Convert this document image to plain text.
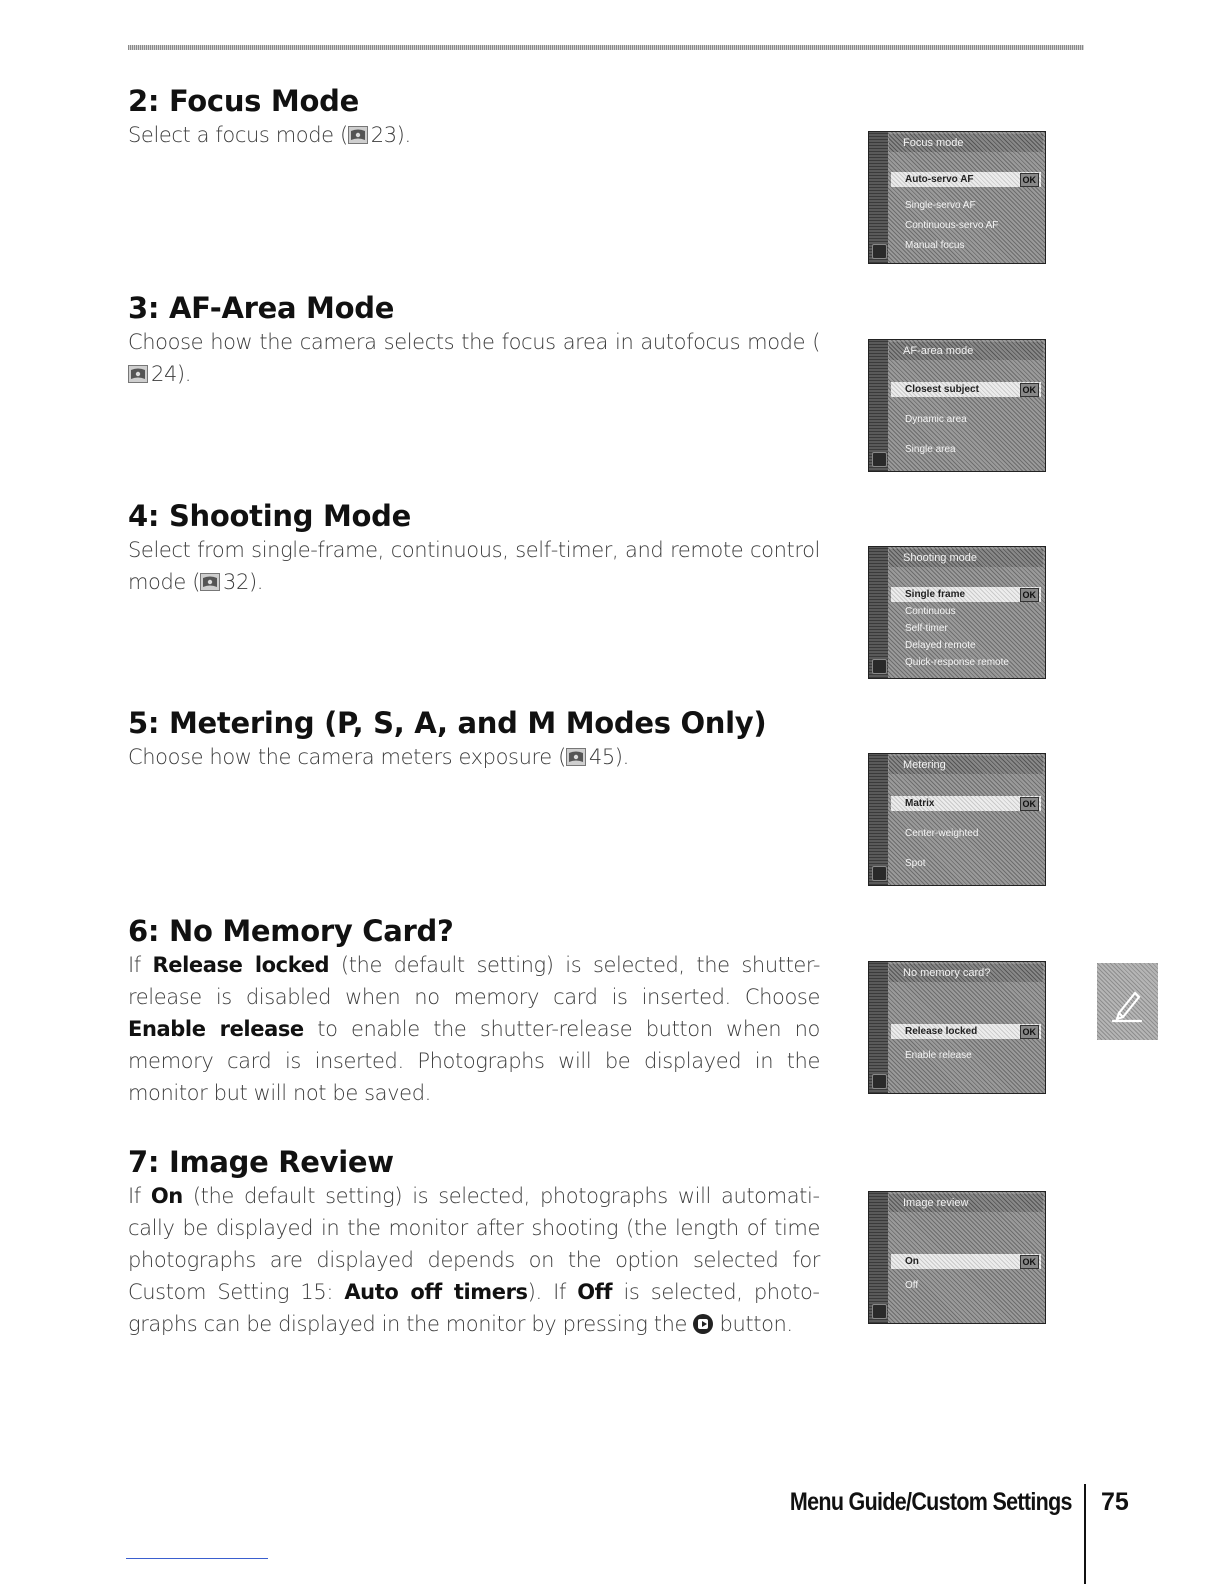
2: Focus Mode

Select a focus mode ( 23).	Focus mode
Auto-servo AF	OK
Single-servo AF
Continuous-servo AF
Manual focus
3: AF-Area Mode

Choose how the camera selects the focus area in autofocus mode (24).

AF-area mode
Closest subject	OK
Dynamic area
Single area
4: Shooting Mode

Select from single-frame, continuous, self-timer, and remote control mode ( 32).

Shooting mode
Single frame	OK
Continuous
Self-timer
Delayed remote
Quick-response remote
5: Metering (P, S, A, and M Modes Only)

Choose how the camera meters exposure ( 45).	Metering
Matrix	OK
Center-weighted
Spot
6: No Memory Card?

If Release locked (the default setting) is selected, the shutter-release is disabled when no memory card is inserted. Choose Enable release to enable the shutter-release button when no memory card is inserted. Photographs will be displayed in the monitor but will not be saved.

No memory card?
Release locked	OK
Enable release
7: Image Review

If On (the default setting) is selected, photographs will automatically be displayed in the monitor after shooting (the length of time photographs are displayed depends on the option selected for Custom Setting 15: Auto off timers). If Off is selected, photographs can be displayed in the monitor by pressing the  button.

Image review
On	OK
Off
Menu Guide/Custom Settings 75
